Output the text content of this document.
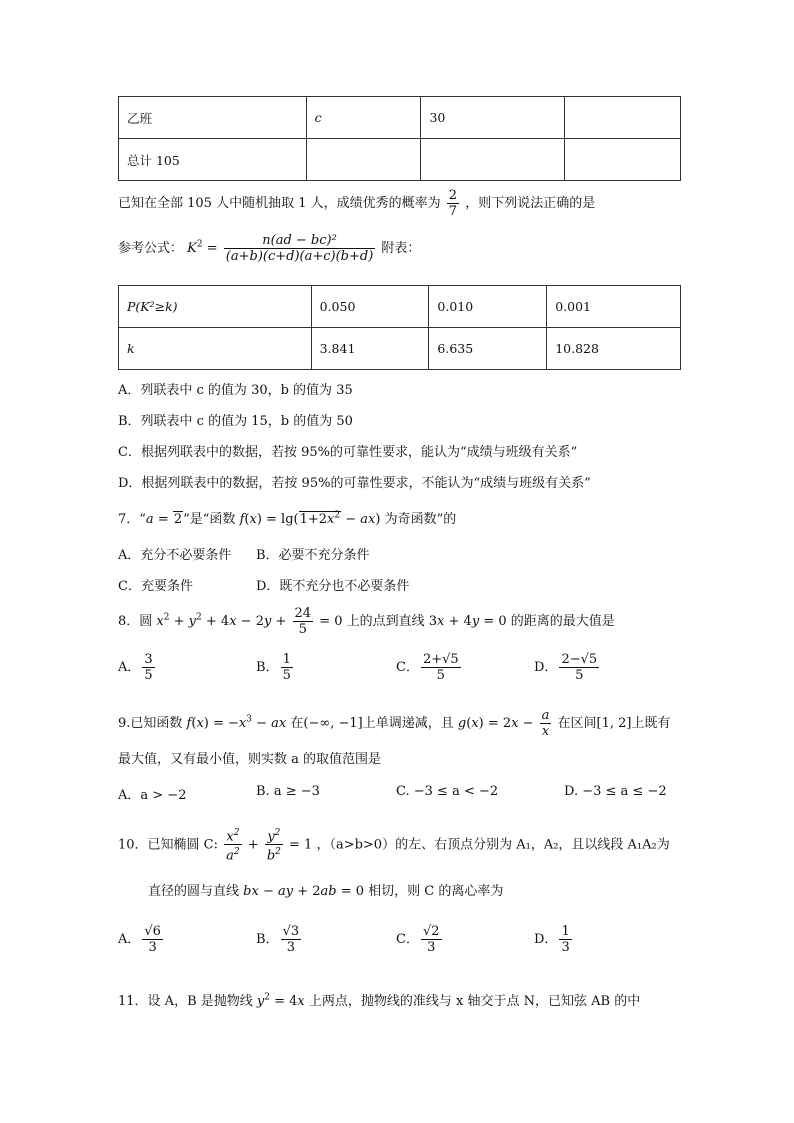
乙班	c	30	
总计 105			
已知在全部 105 人中随机抽取 1 人，成绩优秀的概率为 $\frac{2}{7}$ ，则下列说法正确的是
参考公式： $K^2 = \frac{\text{n(ad − bc)²}}{(a+b)(c+d)(a+c)(b+d)}$ 附表：
P(K²≥k)	0.050	0.010	0.001
k	3.841	6.635	10.828
A．列联表中 c 的值为 30，b 的值为 35
B．列联表中 c 的值为 15，b 的值为 50
C．根据列联表中的数据，若按 95%的可靠性要求，能认为“成绩与班级有关系”
D．根据列联表中的数据，若按 95%的可靠性要求，不能认为“成绩与班级有关系”
7．“a = 2”是“函数 $f(x) = \lg(1+2x^2 - ax)$ 为奇函数”的
A．充分不必要条件 B．必要不充分条件
C．充要条件	D．既不充分也不必要条件
8．圆 $x^2 + y^2 + 4x - 2y + \frac{24}{5} = 0$ 上的点到直线 3x + 4y = 0 的距离的最大值是
A． $\frac{3}{5}$	B． $\frac{1}{5}$	C． $\frac{2+√5}{5}$	D． $\frac{2-√5}{5}$
9.已知函数 $f(x) = -x^3$ − ax 在(−∞, −1]上单调递减，且 $g(x) = 2x - \frac{a}{x}$ 在区间[1, 2]上既有
最大值，又有最小值，则实数 a 的取值范围是
A．a > −2	B. a ≥ −3	C. −3 ≤ a < −2	D. −3 ≤ a ≤ −2
10．已知椭圆 C: $\frac{x^2}{a^2} + \frac{y^2}{b^2} = 1$ ，（a>b>0）的左、右顶点分别为 A₁，A₂，且以线段 A₁A₂为
直径的圆与直线 bx − ay + 2ab = 0 相切，则 C 的离心率为
A． $\frac{√6}{3}$	B． $\frac{√3}{3}$	C． $\frac{√2}{3}$	D． $\frac{1}{3}$
11．设 A，B 是抛物线 $y^2 = 4x$ 上两点，抛物线的准线与 x 轴交于点 N，已知弦 AB 的中
